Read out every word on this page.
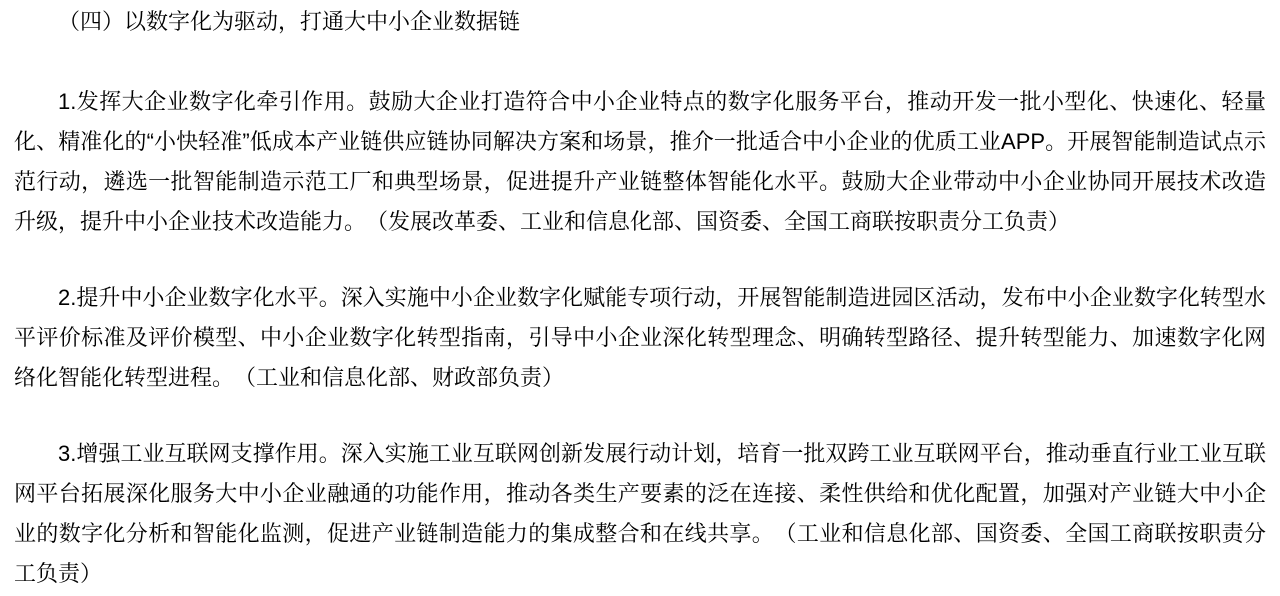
（四）以数字化为驱动，打通大中小企业数据链

1.发挥大企业数字化牵引作用。鼓励大企业打造符合中小企业特点的数字化服务平台，推动开发一批小型化、快速化、轻量化、精准化的“小快轻准”低成本产业链供应链协同解决方案和场景，推介一批适合中小企业的优质工业APP。开展智能制造试点示范行动，遴选一批智能制造示范工厂和典型场景，促进提升产业链整体智能化水平。鼓励大企业带动中小企业协同开展技术改造升级，提升中小企业技术改造能力。　（发展改革委、工业和信息化部、国资委、全国工商联按职责分工负责）

2.提升中小企业数字化水平。深入实施中小企业数字化赋能专项行动，开展智能制造进园区活动，发布中小企业数字化转型水平评价标准及评价模型、中小企业数字化转型指南，引导中小企业深化转型理念、明确转型路径、提升转型能力、加速数字化网络化智能化转型进程。　（工业和信息化部、财政部负责）

3.增强工业互联网支撑作用。深入实施工业互联网创新发展行动计划，培育一批双跨工业互联网平台，推动垂直行业工业互联网平台拓展深化服务大中小企业融通的功能作用，推动各类生产要素的泛在连接、柔性供给和优化配置，加强对产业链大中小企业的数字化分析和智能化监测，促进产业链制造能力的集成整合和在线共享。　（工业和信息化部、国资委、全国工商联按职责分工负责）
